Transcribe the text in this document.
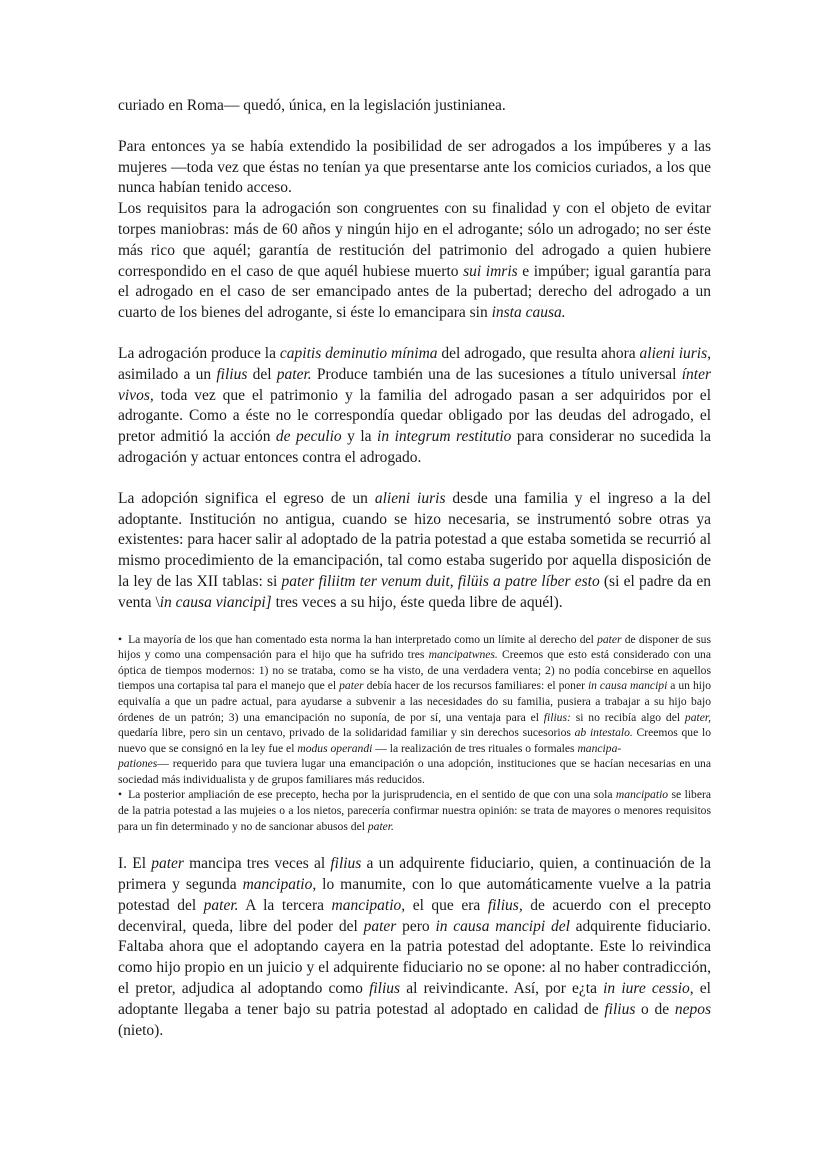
curiado en Roma— quedó, única, en la legislación justinianea.

Para entonces ya se había extendido la posibilidad de ser adrogados a los impúberes y a las mujeres —toda vez que éstas no tenían ya que presentarse ante los comicios curiados, a los que nunca habían tenido acceso.

Los requisitos para la adrogación son congruentes con su finalidad y con el objeto de evitar torpes maniobras: más de 60 años y ningún hijo en el adrogante; sólo un adrogado; no ser éste más rico que aquél; garantía de restitución del patrimonio del adrogado a quien hubiere correspondido en el caso de que aquél hubiese muerto sui imris e impúber; igual garantía para el adrogado en el caso de ser emancipado antes de la pubertad; derecho del adrogado a un cuarto de los bienes del adrogante, si éste lo emancipara sin insta causa.

La adrogación produce la capitis deminutio mínima del adrogado, que resulta ahora alieni iuris, asimilado a un filius del pater. Produce también una de las sucesiones a título universal ínter vivos, toda vez que el patrimonio y la familia del adrogado pasan a ser adquiridos por el adrogante. Como a éste no le correspondía quedar obligado por las deudas del adrogado, el pretor admitió la acción de peculio y la in integrum restitutio para considerar no sucedida la adrogación y actuar entonces contra el adrogado.

La adopción significa el egreso de un alieni iuris desde una familia y el ingreso a la del adoptante. Institución no antigua, cuando se hizo necesaria, se instrumentó sobre otras ya existentes: para hacer salir al adoptado de la patria potestad a que estaba sometida se recurrió al mismo procedimiento de la emancipación, tal como estaba sugerido por aquella disposición de la ley de las XII tablas: si pater filiitm ter venum duit, filüis a patre líber esto (si el padre da en venta \in causa viancipi] tres veces a su hijo, éste queda libre de aquél).

• La mayoría de los que han comentado esta norma la han interpretado como un límite al derecho del pater de disponer de sus hijos y como una compensación para el hijo que ha sufrido tres mancipatwnes. Creemos que esto está considerado con una óptica de tiempos modernos: 1) no se trataba, como se ha visto, de una verdadera venta; 2) no podía concebirse en aquellos tiempos una cortapisa tal para el manejo que el pater debía hacer de los recursos familiares: el poner in causa mancipi a un hijo equivalía a que un padre actual, para ayudarse a subvenir a las necesidades do su familia, pusiera a trabajar a su hijo bajo órdenes de un patrón; 3) una emancipación no suponía, de por sí, una ventaja para el filius: si no recibía algo del pater, quedaría libre, pero sin un centavo, privado de la solidaridad familiar y sin derechos sucesorios ab intestalo. Creemos que lo nuevo que se consignó en la ley fue el modus operandi — la realización de tres rituales o formales mancipa-
pationes— requerido para que tuviera lugar una emancipación o una adopción, instituciones que se hacían necesarias en una sociedad más individualista y de grupos familiares más reducidos.

• La posterior ampliación de ese precepto, hecha por la jurisprudencia, en el sentido de que con una sola mancipatio se libera de la patria potestad a las mujeies o a los nietos, parecería confirmar nuestra opinión: se trata de mayores o menores requisitos para un fin determinado y no de sancionar abusos del pater.

I. El pater mancipa tres veces al filius a un adquirente fiduciario, quien, a continuación de la primera y segunda mancipatio, lo manumite, con lo que automáticamente vuelve a la patria potestad del pater. A la tercera mancipatio, el que era filius, de acuerdo con el precepto decenviral, queda, libre del poder del pater pero in causa mancipi del adquirente fiduciario. Faltaba ahora que el adoptando cayera en la patria potestad del adoptante. Este lo reivindica como hijo propio en un juicio y el adquirente fiduciario no se opone: al no haber contradicción, el pretor, adjudica al adoptando como filius al reivindicante. Así, por e¿ta in iure cessio, el adoptante llegaba a tener bajo su patria potestad al adoptado en calidad de filius o de nepos (nieto).
